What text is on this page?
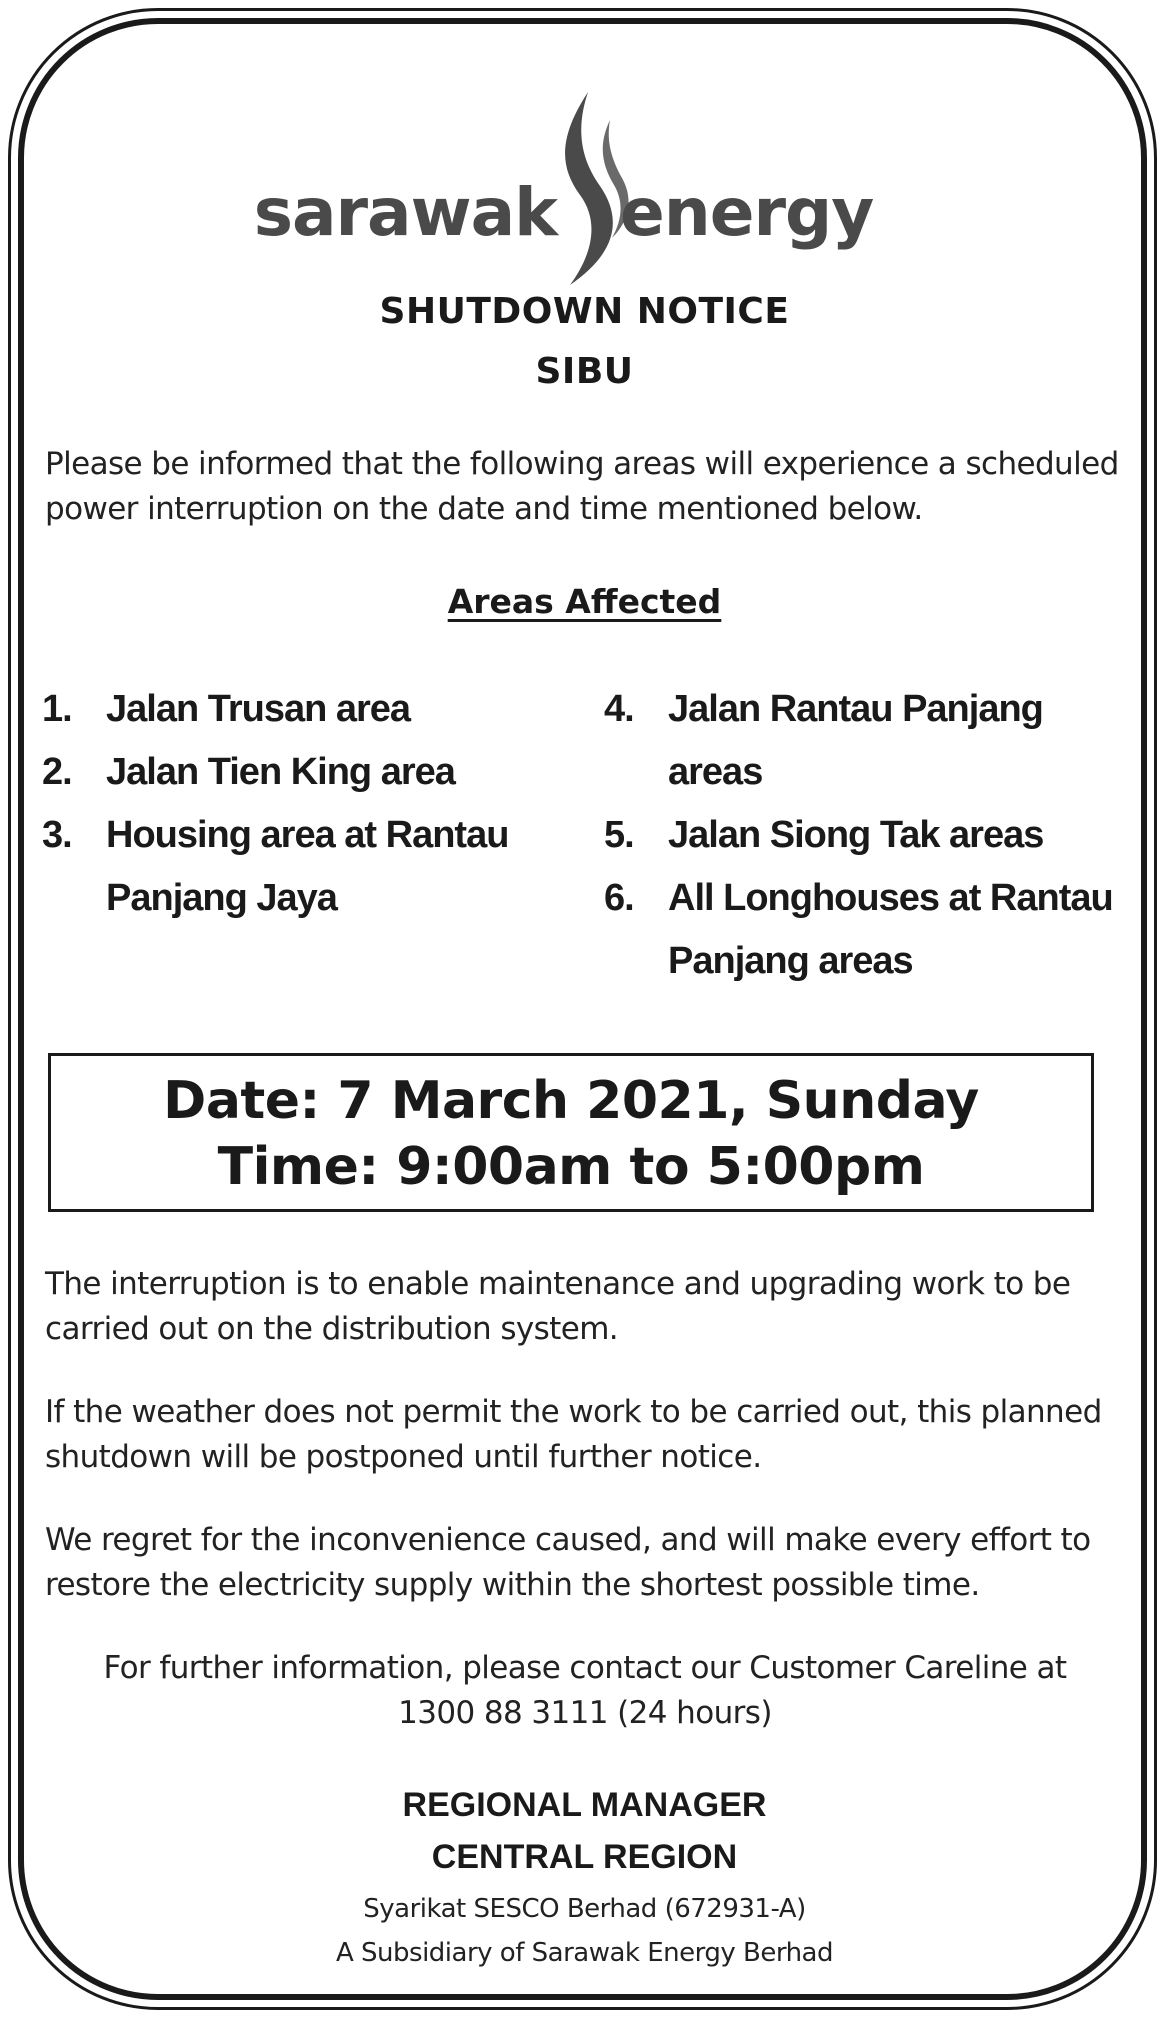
sarawak energy
SHUTDOWN NOTICE
SIBU
Please be informed that the following areas will experience a scheduled power interruption on the date and time mentioned below.
Areas Affected
1. Jalan Trusan area
2. Jalan Tien King area
3. Housing area at Rantau Panjang Jaya
4. Jalan Rantau Panjang areas
5. Jalan Siong Tak areas
6. All Longhouses at Rantau Panjang areas
Date: 7 March 2021, Sunday
Time: 9:00am to 5:00pm
The interruption is to enable maintenance and upgrading work to be carried out on the distribution system.
If the weather does not permit the work to be carried out, this planned shutdown will be postponed until further notice.
We regret for the inconvenience caused, and will make every effort to restore the electricity supply within the shortest possible time.
For further information, please contact our Customer Careline at 1300 88 3111 (24 hours)
REGIONAL MANAGER
CENTRAL REGION
Syarikat SESCO Berhad (672931-A)
A Subsidiary of Sarawak Energy Berhad
